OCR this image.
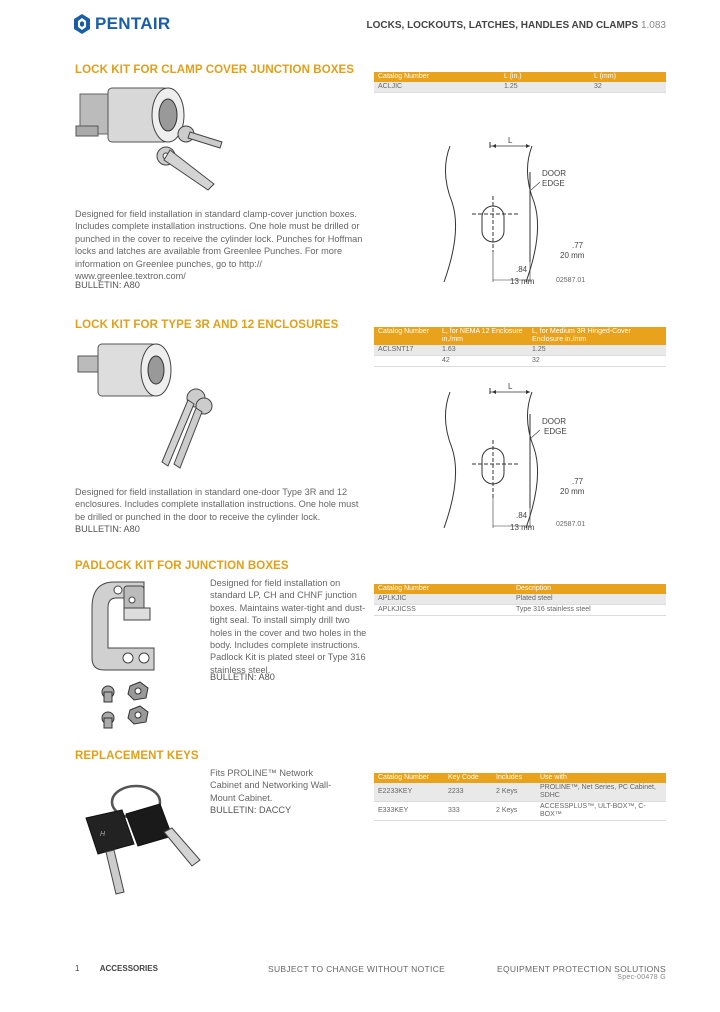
PENTAIR	LOCKS, LOCKOUTS, LATCHES, HANDLES AND CLAMPS 1.083
LOCK KIT FOR CLAMP COVER JUNCTION BOXES
Designed for field installation in standard clamp-cover junction boxes. Includes complete installation instructions. One hole must be drilled or punched in the cover to receive the cylinder lock. Punches for Hoffman locks and latches are available from Greenlee Punches. For more information on Greenlee punches, go to http:// www.greenlee.textron.com/
BULLETIN: A80
Catalog Number	L (in.)	L (mm)
ACLJIC	1.25	32
L
DOOR
EDGE
.77
20 mm
.84
13 mm	02587.01
LOCK KIT FOR TYPE 3R AND 12 ENCLOSURES
Designed for field installation in standard one-door Type 3R and 12 enclosures. Includes complete installation instructions. One hole must be drilled or punched in the door to receive the cylinder lock.
BULLETIN: A80
Catalog Number	L, for NEMA 12 Enclosure in./mm	L, for Medium 3R Hinged-Cover Enclosure in./mm
ACLSNT17	1.63	1.25
	42	32
L
DOOR
EDGE
.77
20 mm
.84
13 mm	02587.01
PADLOCK KIT FOR JUNCTION BOXES
Designed for field installation on standard LP, CH and CHNF junction boxes. Maintains water-tight and dust-tight seal. To install simply drill two holes in the cover and two holes in the body. Includes complete instructions. Padlock Kit is plated steel or Type 316 stainless steel.
BULLETIN: A80
Catalog Number	Description
APLKJIC	Plated steel
APLKJICSS	Type 316 stainless steel
REPLACEMENT KEYS
H
Fits PROLINE™ Network Cabinet and Networking Wall-Mount Cabinet.
BULLETIN: DACCY
Catalog Number	Key Code	Includes	Use with
E2233KEY	2233	2 Keys	PROLINE™, Net Series, PC Cabinet, SDHC
E333KEY	333	2 Keys	ACCESSPLUS™, ULT-BOX™, C-BOX™
1	ACCESSORIES	SUBJECT TO CHANGE WITHOUT NOTICE	EQUIPMENT PROTECTION SOLUTIONS
Spec-00478 G
